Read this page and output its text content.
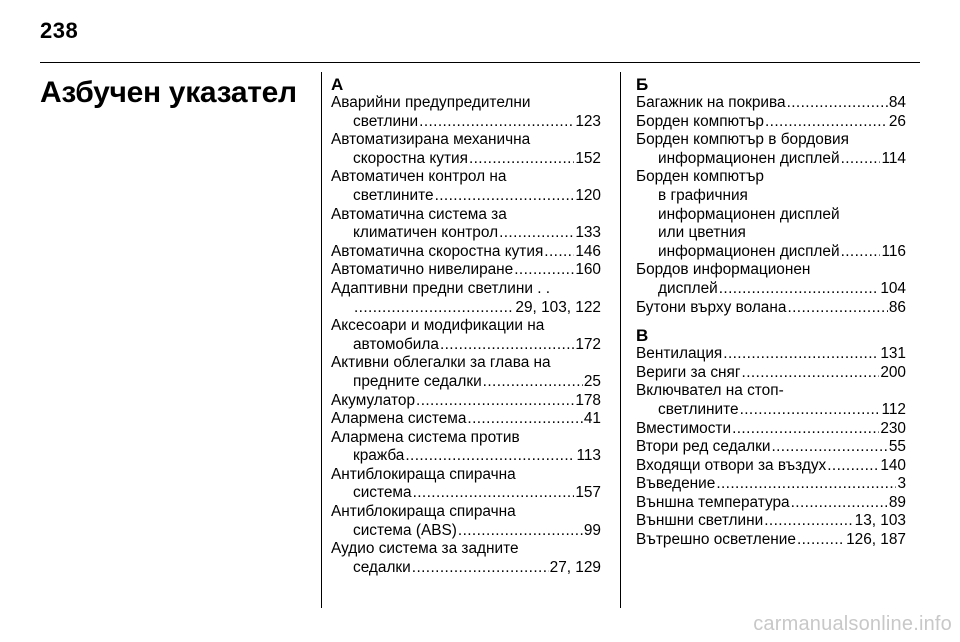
238
Азбучен указател А
Аварийни предупредителни
светлини .....	123
Автоматизирана механична
скоростна кутия .....	152
Автоматичен контрол на
светлините .....	120
Автоматична система за
климатичен контрол .....	133
Автоматична скоростна кутия ..... 146
Автоматично нивелиране .....	160
Адаптивни предни светлини . .
.....
29, 103, 122
Аксесоари и модификации на
автомобила .....	172
Активни облегалки за глава на
предните седалки .....	25
Акумулатор .....	178
Алармена система .....	41
Алармена система против
кражба .....	113
Антиблокираща спирачна
система .....	157
Антиблокираща спирачна
система (ABS) .....	99
Аудио система за задните
седалки .....	27, 129
Б
Багажник на покрива .....	84
Борден компютър .....	26
Борден компютър в бордовия
информационен дисплей .....	114
Борден компютър
в графичния
информационен дисплей
или цветния
информационен дисплей .....	116
Бордов информационен
дисплей .....	104
Бутони върху волана .....	86
В
Вентилация .....	131
Вериги за сняг .....	200
Включвател на стоп-
светлините .....	112
Вместимости .....	230
Втори ред седалки .....	55
Входящи отвори за въздух .....	140
Въведение .....	3
Външна температура .....	89
Външни светлини .....	13, 103
Вътрешно осветление .....	126, 187
carmanualsonline.info
